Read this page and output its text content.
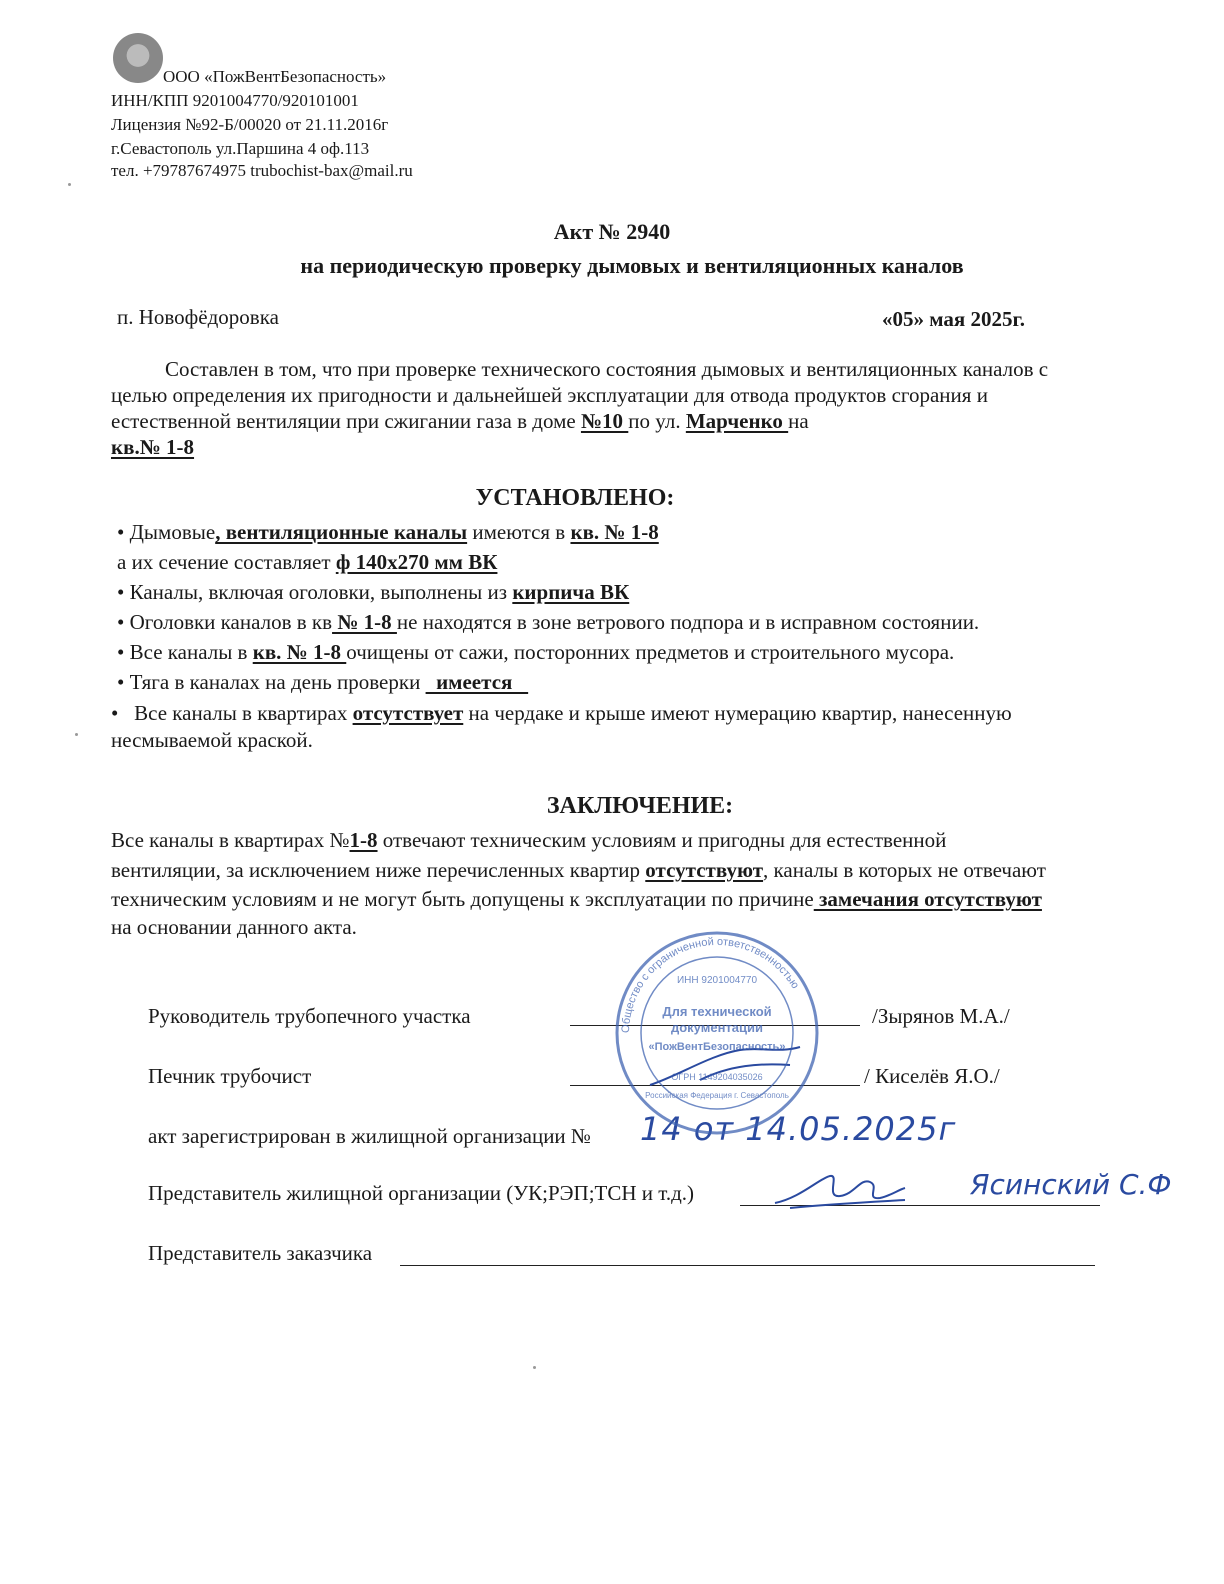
ООО «ПожВентБезопасность»
ИНН/КПП 9201004770/920101001
Лицензия №92-Б/00020 от 21.11.2016г
г.Севастополь ул.Паршина 4 оф.113
тел. +79787674975 trubochist-bax@mail.ru
Акт № 2940
на периодическую проверку дымовых и вентиляционных каналов
п. Новофёдоровка	«05» мая 2025г.
Составлен в том, что при проверке технического состояния дымовых и вентиляционных каналов с
целью определения их пригодности и дальнейшей эксплуатации для отвода продуктов сгорания и
естественной вентиляции при сжигании газа в доме №10 по ул. Марченко на
кв.№ 1-8
УСТАНОВЛЕНО:
• Дымовые, вентиляционные каналы имеются в кв. № 1-8
а их сечение составляет ф 140х270 мм ВК
• Каналы, включая оголовки, выполнены из кирпича ВК
• Оголовки каналов в кв № 1-8 не находятся в зоне ветрового подпора и в исправном состоянии.
• Все каналы в кв. № 1-8 очищены от сажи, посторонних предметов и строительного мусора.
• Тяга в каналах на день проверки   имеется
•   Все каналы в квартирах отсутствует на чердаке и крыше имеют нумерацию квартир, нанесенную
несмываемой краской.
ЗАКЛЮЧЕНИЕ:
Все каналы в квартирах №1-8 отвечают техническим условиям и пригодны для естественной
вентиляции, за исключением ниже перечисленных квартир отсутствуют, каналы в которых не отвечают
техническим условиям и не могут быть допущены к эксплуатации по причине замечания отсутствуют
на основании данного акта.
Руководитель трубопечного участка	/Зырянов М.А./
Печник трубочист	/ Киселёв Я.О./
акт зарегистрирован в жилищной организации № 14 от 14.05.2025г
Представитель жилищной организации (УК;РЭП;ТСН и т.д.)	Ясинский С.Ф
Представитель заказчика
Общество с ограниченной ответственностью
ИНН 9201004770
Для технической
документации
«ПожВентБезопасность»
ОГРН 1149204035026
Российская Федерация г. Севастополь
